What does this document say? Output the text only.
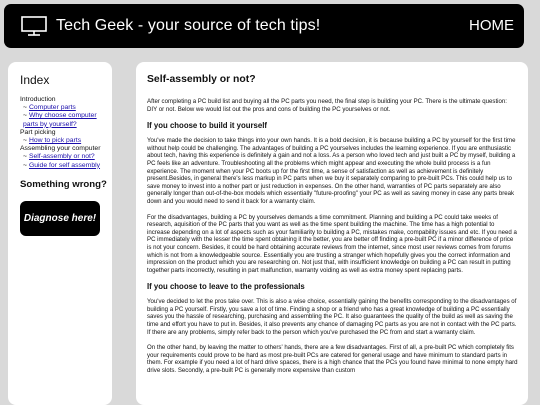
Tech Geek - your source of tech tips!	HOME
Index
Introduction
~ Computer parts
~ Why choose computer parts by yourself?
Part picking
~ How to pick parts
Assembling your computer
~ Self-assembly or not?
~ Guide for self assembly
Something wrong?
Diagnose here!
Self-assembly or not?

After completing a PC build list and buying all the PC parts you need, the final step is building your PC. There is the ultimate question: DIY or not. Below we would list out the pros and cons of building the PC yourselves or not.

If you choose to build it yourself

You've made the decision to take things into your own hands. It is a bold decision, it is because building a PC by yourself for the first time without help could be challenging. The advantages of building a PC yourselves includes the learning experience. If you are enthusiastic about tech, having this experience is definitely a gain and not a loss. As a person who loved tech and just built a PC by myself, building a PC feels like an adventure. Troubleshooting all the problems which might appear and executing the whole build process is a fun experience. The moment when your PC boots up for the first time, a sense of satisfaction as well as achievement is definitely present.Besides, in general there's less markup in PC parts when we buy it separately comparing to pre-built PCs. This could help us to save money to invest into a nother part or just reduction in expenses. On the other hand, warranties of PC parts separately are also generally longer than out-of-the-box models which essentially "future-proofing" your PC as well as saving money in case any parts break down and you would need to send it back for a warranty claim.

For the disadvantages, building a PC by yourselves demands a time commitment. Planning and building a PC could take weeks of research, aquisition of the PC parts that you want as well as the time spent building the machine. The time has a high potential to increase depending on a lot of aspects such as your familiarity to building a PC, mistakes make, compability issues and etc. If you need a PC immediately with the lesser the time spent obtaining it the better, you are better off finding a pre-built PC if a minor difference of price is not your concern. Besides, it could be hard obtaining accurate reviews from the internet, since most user reviews comes from forums which is not from a knowledgeable source. Essentially you are trusting a stranger which hopefully gives you the correct information and impression on the product which you are researching on. Not just that, with insufficient knowledge on building a PC can result in putting together parts incorrectly, resulting in part malfunction, warranty voiding as well as extra money spent replacing parts.

If you choose to leave to the professionals

You've decided to let the pros take over. This is also a wise choice, essentially gaining the benefits corresponding to the disadvantages of building a PC yourself. Firstly, you save a lot of time. Finding a shop or a friend who has a great knowledge of building a PC essentially saves you the hassle of researching, purchasing and assembling the PC. It also guarantees the quality of the build as well as saving the time and effort you have to put in. Besides, it also prevents any chance of damaging PC parts as you are not in contact with the PC parts. If there are any problems, simply refer back to the person which you've purchased the PC from and start a warranty claim.

On the other hand, by leaving the matter to others' hands, there are a few disadvantages. First of all, a pre-built PC which completely fits your requirements could prove to be hard as most pre-built PCs are catered for general usage and have minimum to standard parts in them. For example if you need a lot of hard drive spaces, there is a high chance that the PCs you found have minimal to none empty hard drive slots. Secondly, a pre-built PC is generally more expensive than custom
